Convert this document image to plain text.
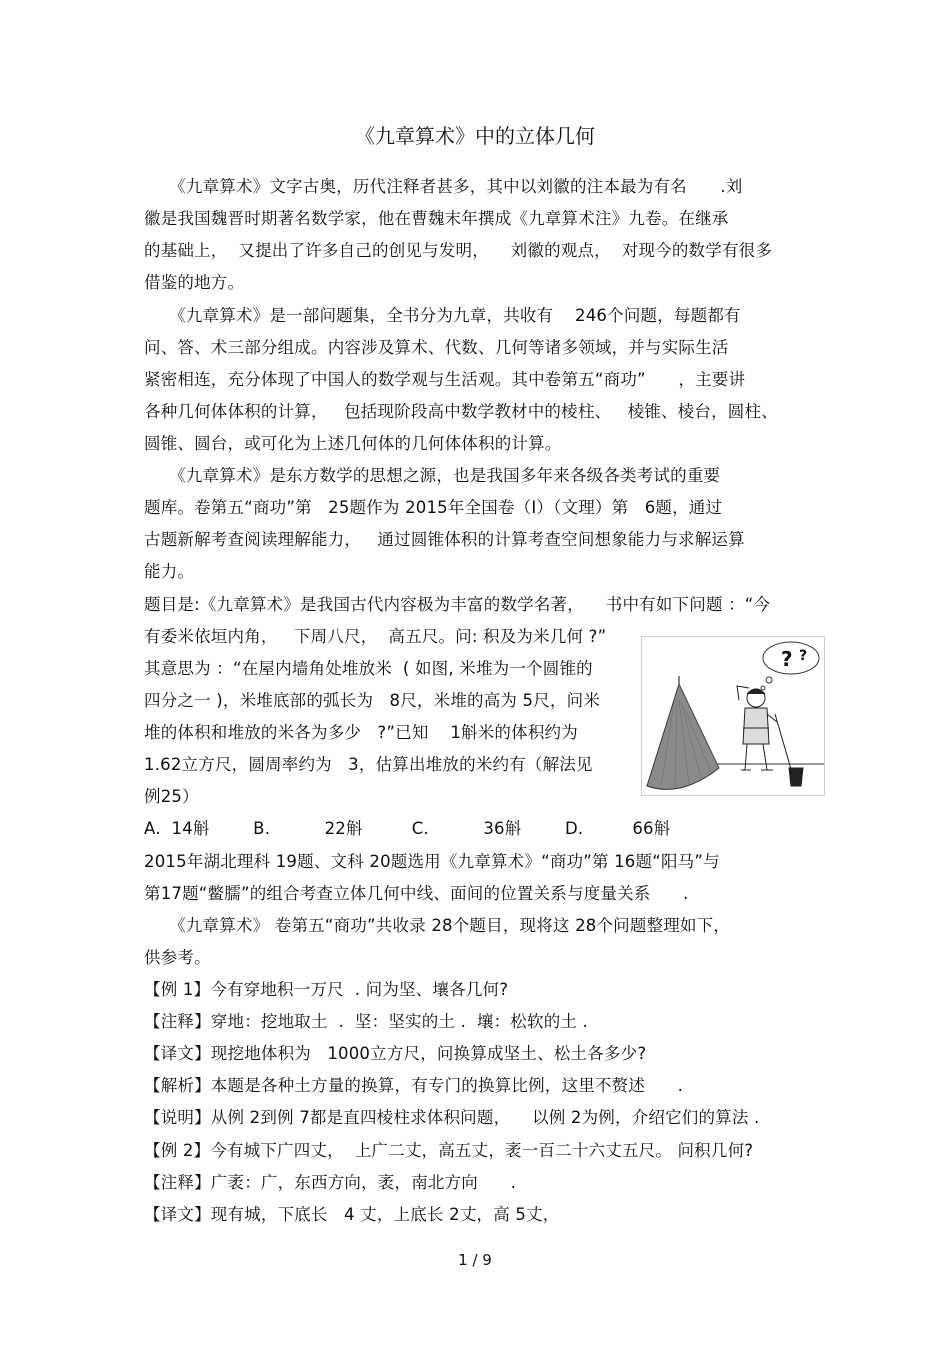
《九章算术》中的立体几何
　　《九章算术》文字古奥，历代注释者甚多，其中以刘徽的注本最为有名　　.刘
徽是我国魏晋时期著名数学家，他在曹魏末年撰成《九章算术注》九卷。在继承
的基础上，  又提出了许多自己的创见与发明，    刘徽的观点，  对现今的数学有很多
借鉴的地方。
　　《九章算术》是一部问题集，全书分为九章，共收有    246个问题，每题都有
问、答、术三部分组成。内容涉及算术、代数、几何等诸多领域，并与实际生活
紧密相连，充分体现了中国人的数学观与生活观。其中卷第五“商功”      ，主要讲
各种几何体体积的计算，   包括现阶段高中数学教材中的棱柱、   棱锥、棱台，圆柱、
圆锥、圆台，或可化为上述几何体的几何体体积的计算。
　　《九章算术》是东方数学的思想之源，也是我国多年来各级各类考试的重要
题库。卷第五“商功”第   25题作为 2015年全国卷（Ⅰ）（文理）第   6题，通过
古题新解考查阅读理解能力，   通过圆锥体积的计算考查空间想象能力与求解运算
能力。
题目是:《九章算术》是我国古代内容极为丰富的数学名著，    书中有如下问题 ：“今
有委米依垣内角，   下周八尺，  高五尺。问: 积及为米几何 ?”
其意思为 ：“在屋内墙角处堆放米  ( 如图, 米堆为一个圆锥的
四分之一 )，米堆底部的弧长为   8尺，米堆的高为 5尺，问米
堆的体积和堆放的米各为多少   ?”已知    1斛米的体积约为
1.62立方尺，圆周率约为   3，估算出堆放的米约有（解法见
例25）
A.  14斛        B.          22斛         C.          36斛        D.         66斛
2015年湖北理科 19题、文科 20题选用《九章算术》“商功”第 16题“阳马”与
第17题“鳖臑”的组合考查立体几何中线、面间的位置关系与度量关系      .
　　《九章算术》 卷第五“商功”共收录 28个题目，现将这 28个问题整理如下，
供参考。
【例 1】今有穿地积一万尺  . 问为坚、壤各几何?
【注释】穿地：挖地取土  .  坚：坚实的土 .  壤：松软的土 .
【译文】现挖地体积为   1000立方尺，问换算成坚土、松土各多少?
【解析】本题是各种土方量的换算，有专门的换算比例，这里不赘述      .
【说明】从例 2到例 7都是直四棱柱求体积问题，    以例 2为例，介绍它们的算法 .
【例 2】今有城下广四丈，  上广二丈，高五丈，袤一百二十六丈五尺。 问积几何?
【注释】广袤：广，东西方向，袤，南北方向      .
【译文】现有城，下底长   4 丈，上底长 2丈，高 5丈，
? ?
1 / 9
